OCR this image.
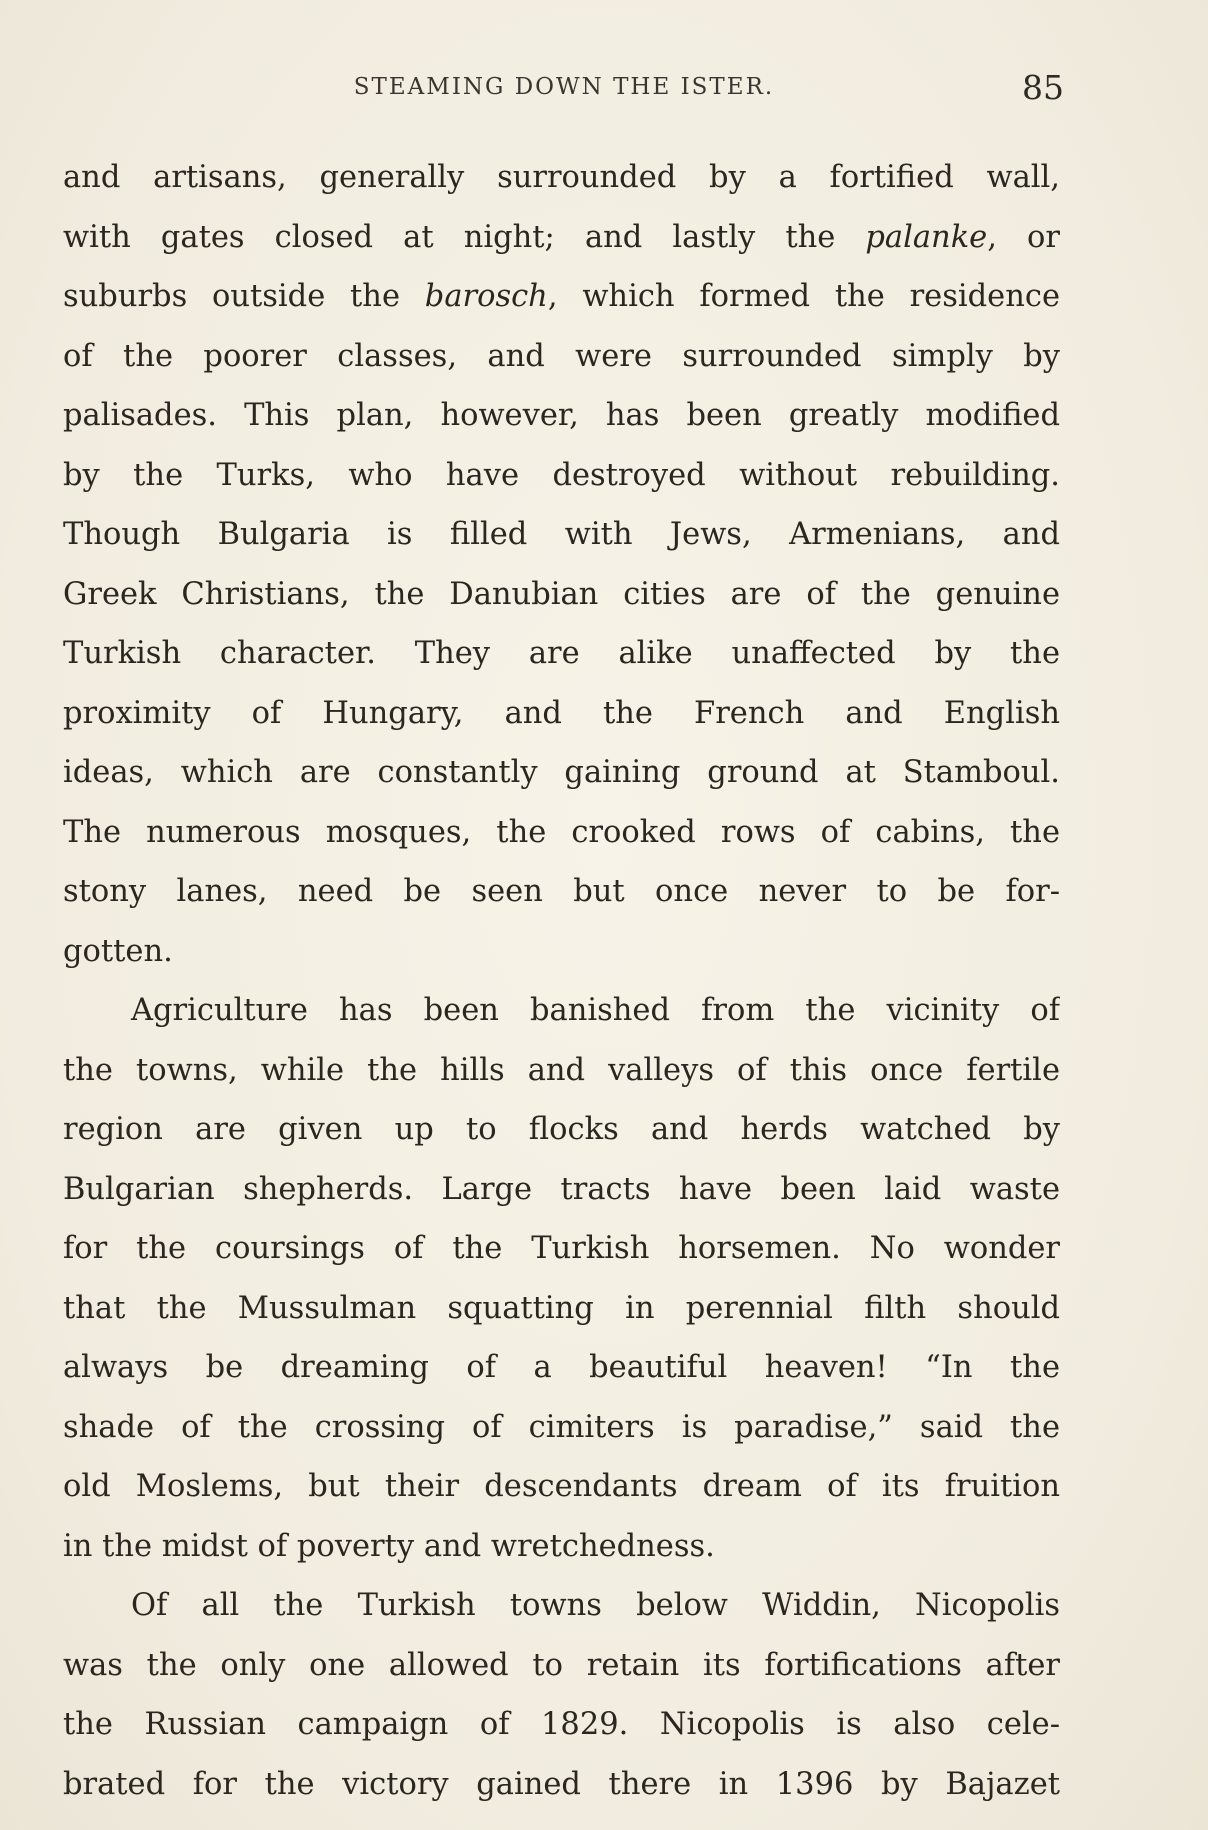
STEAMING DOWN THE ISTER.	85
and artisans, generally surrounded by a fortified wall,
with gates closed at night; and lastly the palanke, or
suburbs outside the barosch, which formed the residence
of the poorer classes, and were surrounded simply by
palisades. This plan, however, has been greatly modified
by the Turks, who have destroyed without rebuilding.
Though Bulgaria is filled with Jews, Armenians, and
Greek Christians, the Danubian cities are of the genuine
Turkish character. They are alike unaffected by the
proximity of Hungary, and the French and English
ideas, which are constantly gaining ground at Stamboul.
The numerous mosques, the crooked rows of cabins, the
stony lanes, need be seen but once never to be for-
gotten.
Agriculture has been banished from the vicinity of
the towns, while the hills and valleys of this once fertile
region are given up to flocks and herds watched by
Bulgarian shepherds. Large tracts have been laid waste
for the coursings of the Turkish horsemen. No wonder
that the Mussulman squatting in perennial filth should
always be dreaming of a beautiful heaven! “In the
shade of the crossing of cimiters is paradise,” said the
old Moslems, but their descendants dream of its fruition
in the midst of poverty and wretchedness.
Of all the Turkish towns below Widdin, Nicopolis
was the only one allowed to retain its fortifications after
the Russian campaign of 1829. Nicopolis is also cele-
brated for the victory gained there in 1396 by Bajazet
